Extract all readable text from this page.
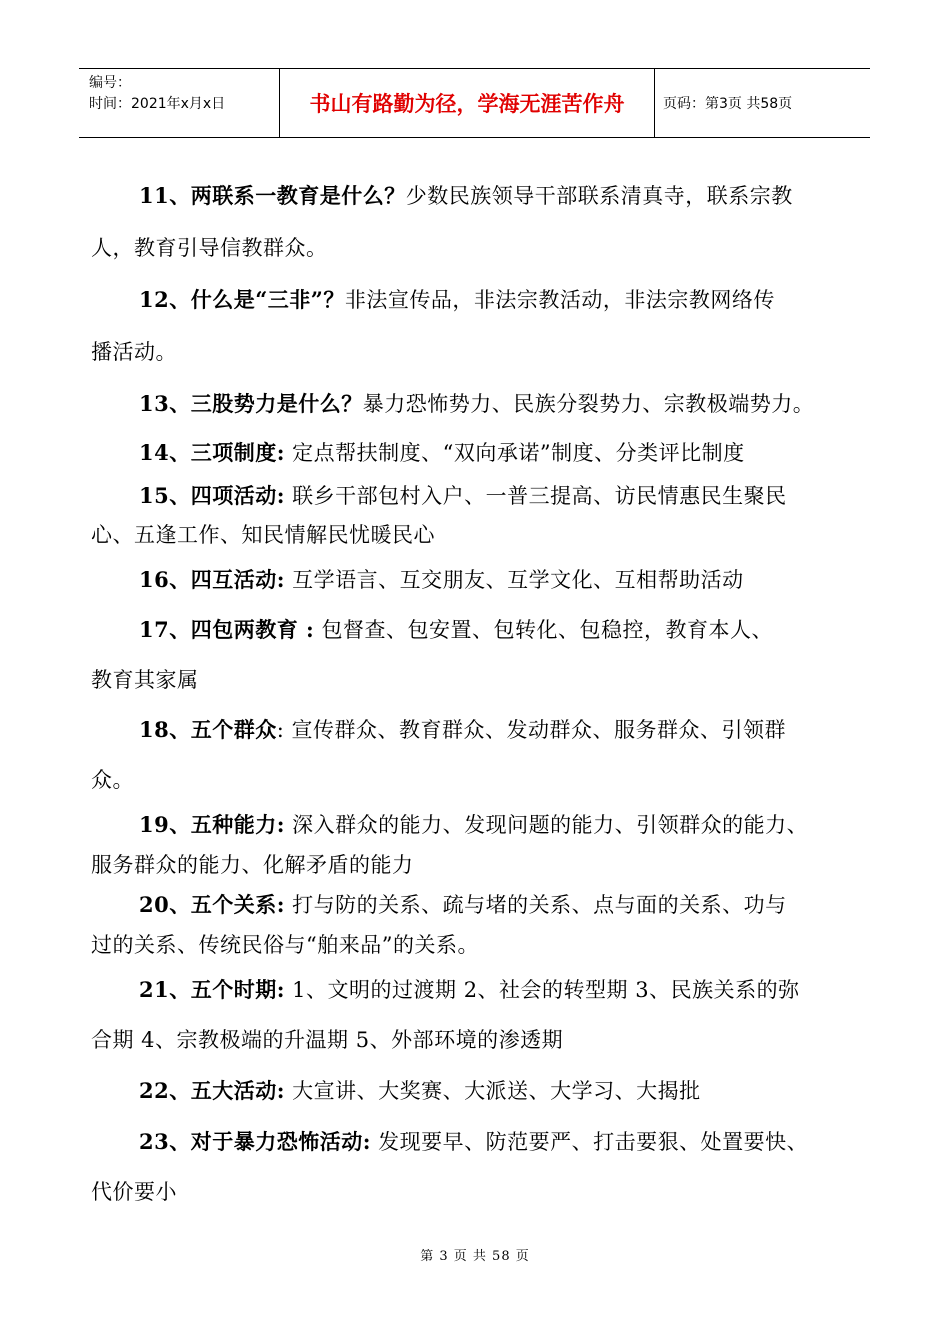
编号：
时间：2021年x月x日	书山有路勤为径，学海无涯苦作舟	页码：第3页 共58页

11、两联系一教育是什么？少数民族领导干部联系清真寺，联系宗教
人，教育引导信教群众。

12、什么是“三非”？非法宣传品，非法宗教活动，非法宗教网络传
播活动。

13、三股势力是什么？暴力恐怖势力、民族分裂势力、宗教极端势力。

14、三项制度: 定点帮扶制度、“双向承诺”制度、分类评比制度

15、四项活动: 联乡干部包村入户、一普三提高、访民情惠民生聚民
心、五逢工作、知民情解民忧暖民心

16、四互活动: 互学语言、互交朋友、互学文化、互相帮助活动

17、四包两教育 : 包督查、包安置、包转化、包稳控，教育本人、
教育其家属

18、五个群众: 宣传群众、教育群众、发动群众、服务群众、引领群
众。

19、五种能力: 深入群众的能力、发现问题的能力、引领群众的能力、
服务群众的能力、化解矛盾的能力

20、五个关系: 打与防的关系、疏与堵的关系、点与面的关系、功与
过的关系、传统民俗与“舶来品”的关系。

21、五个时期: 1、文明的过渡期 2、社会的转型期 3、民族关系的弥
合期 4、宗教极端的升温期 5、外部环境的渗透期

22、五大活动: 大宣讲、大奖赛、大派送、大学习、大揭批

23、对于暴力恐怖活动: 发现要早、防范要严、打击要狠、处置要快、
代价要小

第 3 页 共 58 页
